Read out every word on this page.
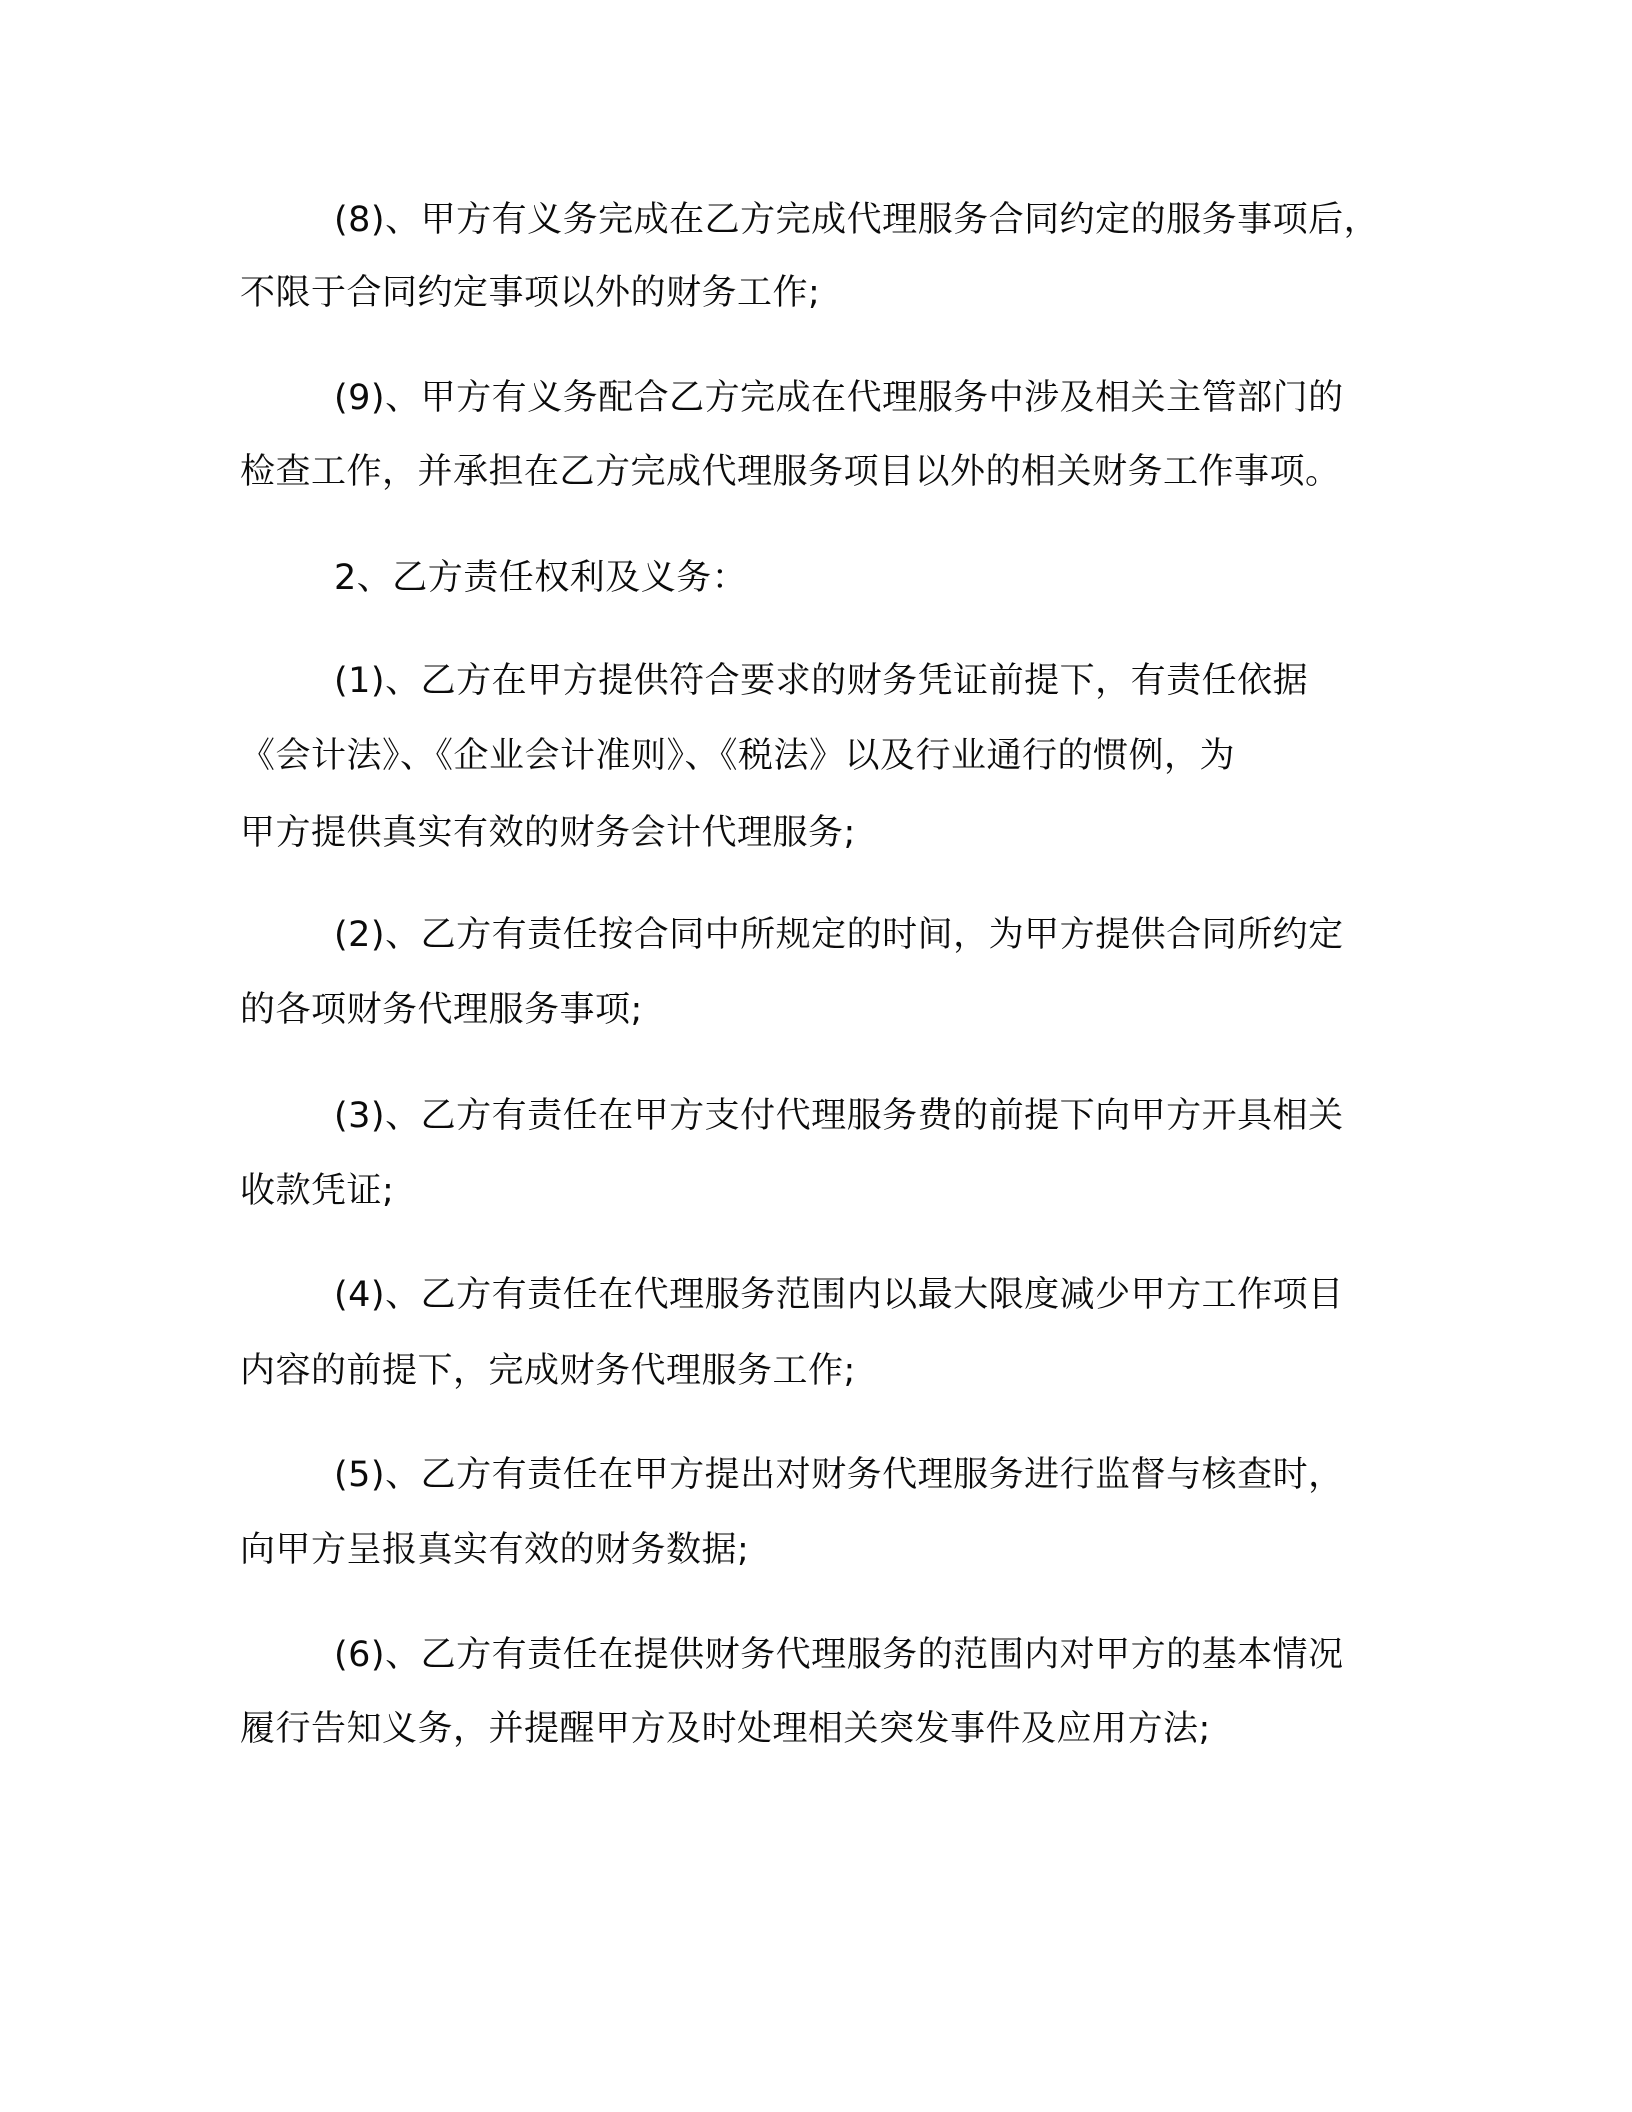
(8)、甲方有义务完成在乙方完成代理服务合同约定的服务事项后，
不限于合同约定事项以外的财务工作;
(9)、甲方有义务配合乙方完成在代理服务中涉及相关主管部门的
检查工作，并承担在乙方完成代理服务项目以外的相关财务工作事项。
2、乙方责任权利及义务：
(1)、乙方在甲方提供符合要求的财务凭证前提下，有责任依据
《会计法》、《企业会计准则》、《税法》以及行业通行的惯例，为
甲方提供真实有效的财务会计代理服务;
(2)、乙方有责任按合同中所规定的时间，为甲方提供合同所约定
的各项财务代理服务事项;
(3)、乙方有责任在甲方支付代理服务费的前提下向甲方开具相关
收款凭证;
(4)、乙方有责任在代理服务范围内以最大限度减少甲方工作项目
内容的前提下，完成财务代理服务工作;
(5)、乙方有责任在甲方提出对财务代理服务进行监督与核查时，
向甲方呈报真实有效的财务数据;
(6)、乙方有责任在提供财务代理服务的范围内对甲方的基本情况
履行告知义务，并提醒甲方及时处理相关突发事件及应用方法;
